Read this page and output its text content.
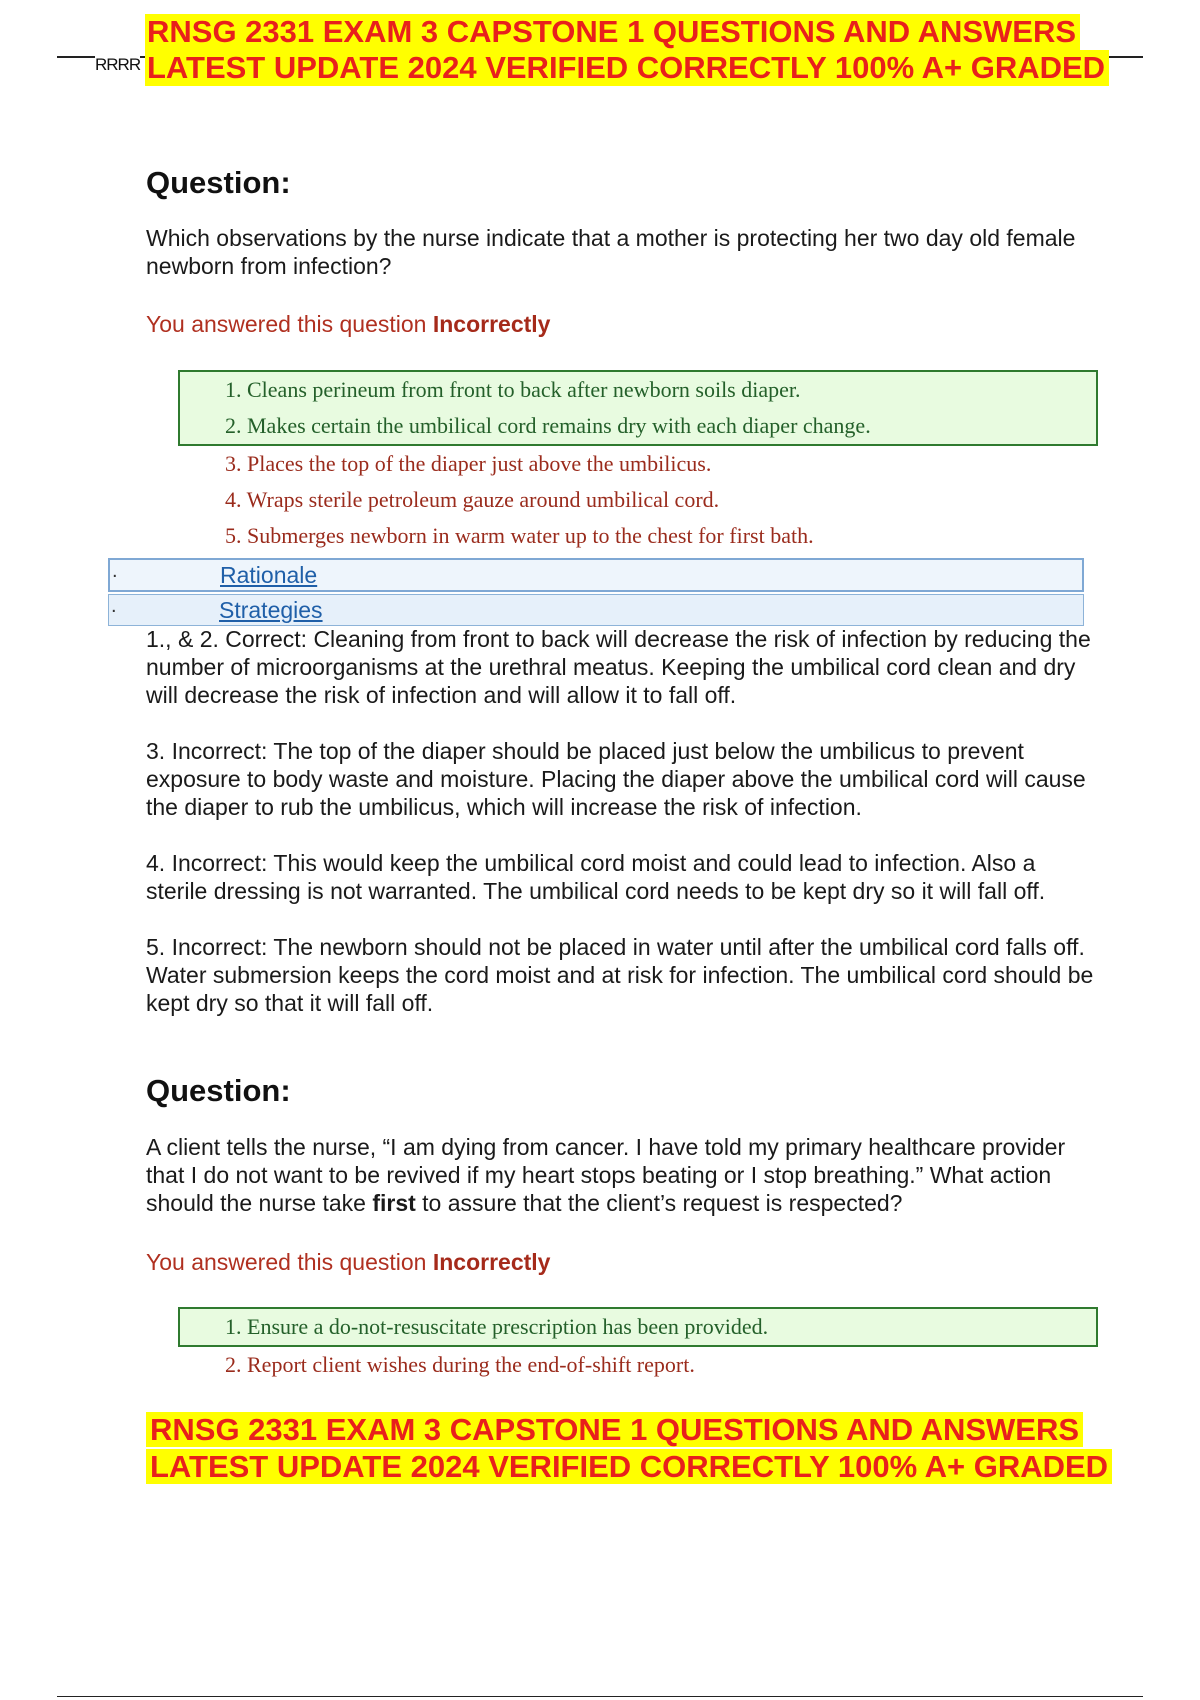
RRRR
RNSG 2331 EXAM 3 CAPSTONE 1 QUESTIONS AND ANSWERS
LATEST UPDATE 2024 VERIFIED CORRECTLY 100% A+ GRADED
Question:

Which observations by the nurse indicate that a mother is protecting her two day old female newborn from infection?

You answered this question Incorrectly

1. Cleans perineum from front to back after newborn soils diaper.
2. Makes certain the umbilical cord remains dry with each diaper change.
3. Places the top of the diaper just above the umbilicus.
4. Wraps sterile petroleum gauze around umbilical cord.
5. Submerges newborn in warm water up to the chest for first bath.
.	Rationale
.	Strategies

1., & 2. Correct: Cleaning from front to back will decrease the risk of infection by reducing the number of microorganisms at the urethral meatus. Keeping the umbilical cord clean and dry will decrease the risk of infection and will allow it to fall off.

3. Incorrect: The top of the diaper should be placed just below the umbilicus to prevent exposure to body waste and moisture. Placing the diaper above the umbilical cord will cause the diaper to rub the umbilicus, which will increase the risk of infection.

4. Incorrect: This would keep the umbilical cord moist and could lead to infection. Also a sterile dressing is not warranted. The umbilical cord needs to be kept dry so it will fall off.

5. Incorrect: The newborn should not be placed in water until after the umbilical cord falls off. Water submersion keeps the cord moist and at risk for infection. The umbilical cord should be kept dry so that it will fall off.

Question:

A client tells the nurse, “I am dying from cancer. I have told my primary healthcare provider that I do not want to be revived if my heart stops beating or I stop breathing.” What action should the nurse take first to assure that the client’s request is respected?

You answered this question Incorrectly

1. Ensure a do-not-resuscitate prescription has been provided.
2. Report client wishes during the end-of-shift report.
RNSG 2331 EXAM 3 CAPSTONE 1 QUESTIONS AND ANSWERS LATEST UPDATE 2024 VERIFIED CORRECTLY 100% A+ GRADED
